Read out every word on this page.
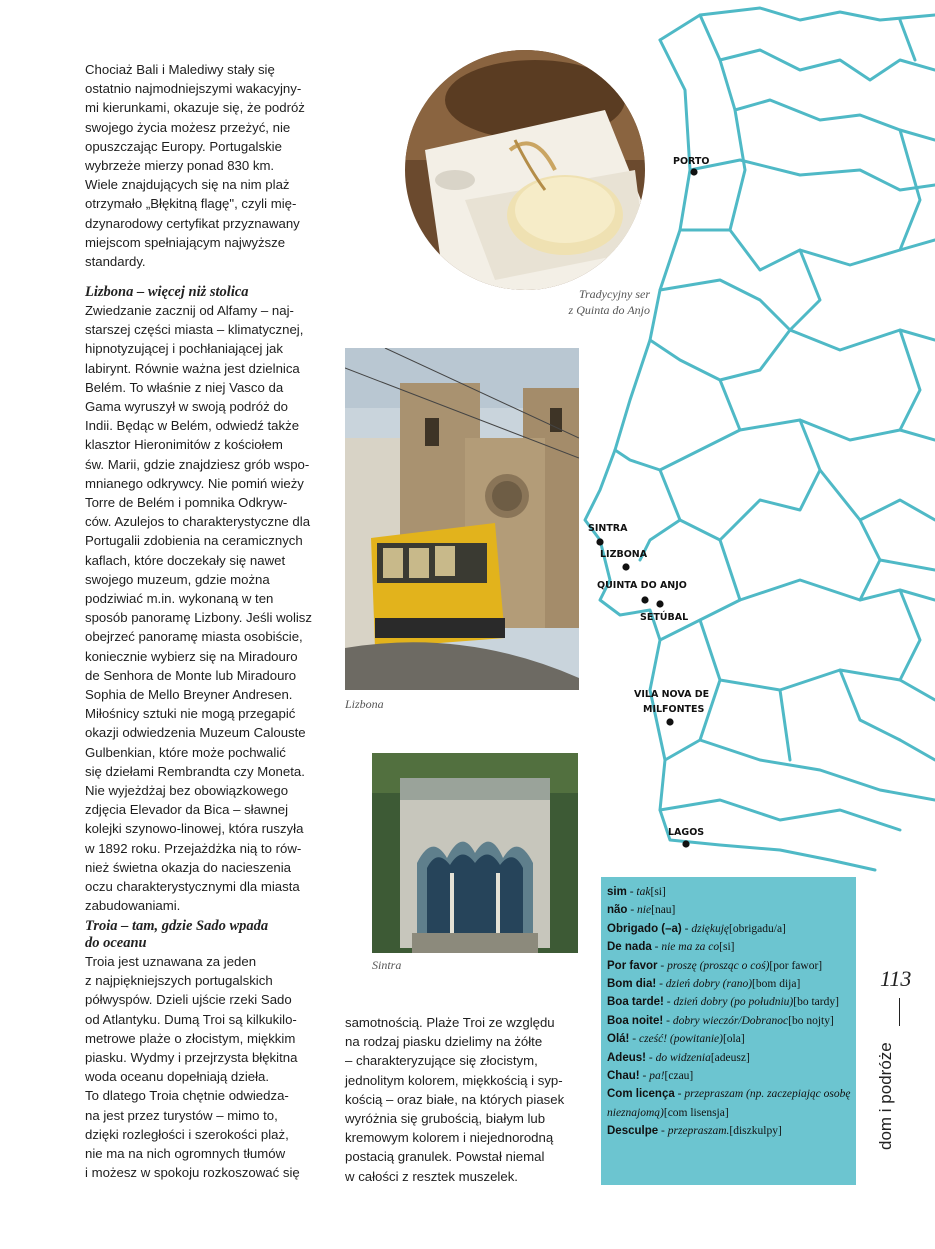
Chociaż Bali i Malediwy stały się

ostatnio najmodniejszymi wakacyjny-

mi kierunkami, okazuje się, że podróż

swojego życia możesz przeżyć, nie

opuszczając Europy. Portugalskie

wybrzeże mierzy ponad 830 km.

Wiele znajdujących się na nim plaż

otrzymało „Błękitną flagę", czyli mię-

dzynarodowy certyfikat przyznawany

miejscom spełniającym najwyższe

standardy.

Lizbona – więcej niż stolica

Zwiedzanie zacznij od Alfamy – naj-

starszej części miasta – klimatycznej,

hipnotyzującej i pochłaniającej jak

labirynt. Równie ważna jest dzielnica

Belém. To właśnie z niej Vasco da

Gama wyruszył w swoją podróż do

Indii. Będąc w Belém, odwiedź także

klasztor Hieronimitów z kościołem

św. Marii, gdzie znajdziesz grób wspo-

mnianego odkrywcy. Nie pomiń wieży

Torre de Belém i pomnika Odkryw-

ców. Azulejos to charakterystyczne dla

Portugalii zdobienia na ceramicznych

kaflach, które doczekały się nawet

swojego muzeum, gdzie można

podziwiać m.in. wykonaną w ten

sposób panoramę Lizbony. Jeśli wolisz

obejrzeć panoramę miasta osobiście,

koniecznie wybierz się na Miradouro

de Senhora de Monte lub Miradouro

Sophia de Mello Breyner Andresen.

Miłośnicy sztuki nie mogą przegapić

okazji odwiedzenia Muzeum Calouste

Gulbenkian, które może pochwalić

się dziełami Rembrandta czy Moneta.

Nie wyjeżdżaj bez obowiązkowego

zdjęcia Elevador da Bica – sławnej

kolejki szynowo-linowej, która ruszyła

w 1892 roku. Przejażdżka nią to rów-

nież świetna okazja do nacieszenia

oczu charakterystycznymi dla miasta

zabudowaniami.

Troia – tam, gdzie Sado wpada

do oceanu

Troia jest uznawana za jeden

z najpiękniejszych portugalskich

półwyspów. Dzieli ujście rzeki Sado

od Atlantyku. Dumą Troi są kilkukilo-

metrowe plaże o złocistym, miękkim

piasku. Wydmy i przejrzysta błękitna

woda oceanu dopełniają dzieła.

To dlatego Troia chętnie odwiedza-

na jest przez turystów – mimo to,

dzięki rozległości i szerokości plaż,

nie ma na nich ogromnych tłumów

i możesz w spokoju rozkoszować się

samotnością. Plaże Troi ze względu

na rodzaj piasku dzielimy na żółte

– charakteryzujące się złocistym,

jednolitym kolorem, miękkością i syp-

kością – oraz białe, na których piasek

wyróżnia się grubością, białym lub

kremowym kolorem i niejednorodną

postacią granulek. Powstał niemal

w całości z resztek muszelek.

Tradycyjny ser
z Quinta do Anjo
Lizbona
Sintra
PORTO
SINTRA
LIZBONA
QUINTA DO ANJO
SETÚBAL
VILA NOVA DE
MILFONTES
LAGOS
sim - tak[si]
não - nie[nau]
Obrigado (–a) - dziękuję[obrigadu/a]
De nada - nie ma za co[si]
Por favor - proszę (prosząc o coś)[por fawor]
Bom dia! - dzień dobry (rano)[bom dija]
Boa tarde! - dzień dobry (po południu)[bo tardy]
Boa noite! - dobry wieczór/Dobranoc[bo nojty]
Olá! - cześć! (powitanie)[ola]
Adeus! - do widzenia[adeusz]
Chau! - pa![czau]
Com licença - przepraszam (np. zaczepiając osobę nieznajomą)[com lisensja]
Desculpe - przepraszam.[diszkulpy]
113
dom i podróże
